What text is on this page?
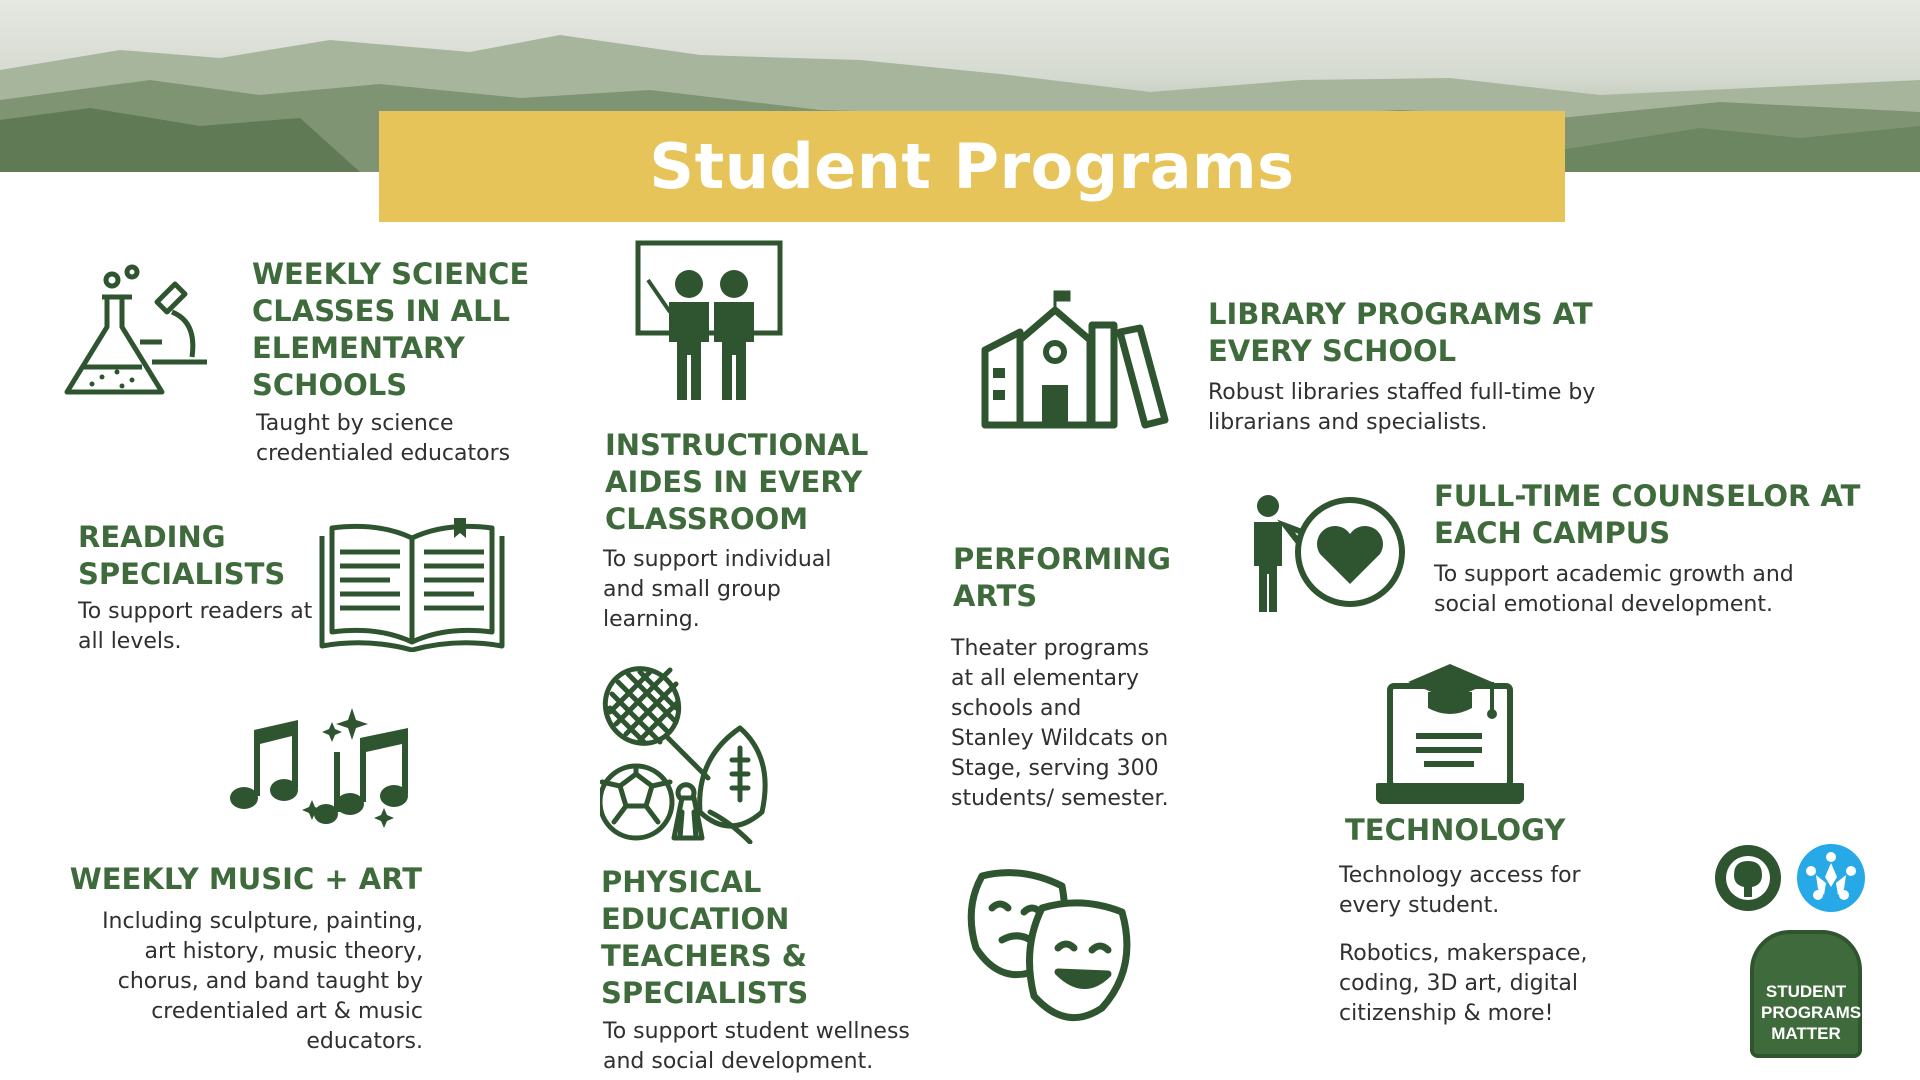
Student Programs
WEEKLY SCIENCE CLASSES IN ALL ELEMENTARY SCHOOLS

Taught by science credentialed educators	INSTRUCTIONAL AIDES IN EVERY CLASSROOM

To support individual and small group learning.

LIBRARY PROGRAMS AT EVERY SCHOOL

Robust libraries staffed full-time by librarians and specialists.

READING SPECIALISTS

To support readers at all levels.

FULL-TIME COUNSELOR AT EACH CAMPUS

To support academic growth and social emotional development.

PERFORMING ARTS

Theater programs at all elementary schools and Stanley Wildcats on Stage, serving 300 students/ semester.

WEEKLY MUSIC + ART

Including sculpture, painting, art history, music theory, chorus, and band taught by credentialed art & music educators.

PHYSICAL EDUCATION TEACHERS & SPECIALISTS

To support student wellness and social development.

TECHNOLOGY

Technology access for every student.

Robotics, makerspace, coding, 3D art, digital citizenship & more!

STUDENT PROGRAMS MATTER
